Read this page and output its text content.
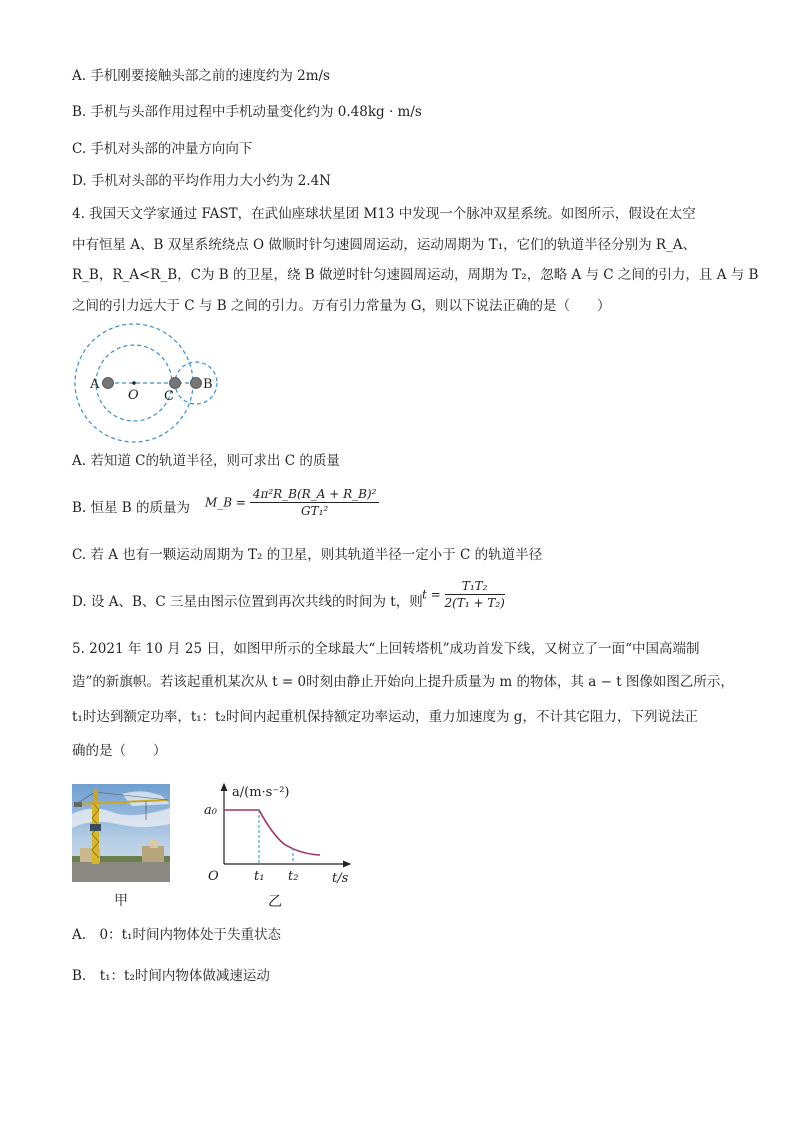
A. 手机刚要接触头部之前的速度约为 2m/s
B. 手机与头部作用过程中手机动量变化约为 0.48kg · m/s
C. 手机对头部的冲量方向向下
D. 手机对头部的平均作用力大小约为 2.4N
4. 我国天文学家通过 FAST，在武仙座球状星团 M13 中发现一个脉冲双星系统。如图所示，假设在太空
中有恒星 A、B 双星系统绕点 O 做顺时针匀速圆周运动，运动周期为 T₁，它们的轨道半径分别为 R_A、
R_B，R_A<R_B，C为 B 的卫星，绕 B 做逆时针匀速圆周运动，周期为 T₂，忽略 A 与 C 之间的引力，且 A 与 B
之间的引力远大于 C 与 B 之间的引力。万有引力常量为 G，则以下说法正确的是（　　）
A
O C
B
A. 若知道 C的轨道半径，则可求出 C 的质量
B. 恒星 B 的质量为 M_B = $\frac{\text{4π²R\_B(R\_A + R\_B)²}}{\text{GT₁²}}$
C. 若 A 也有一颗运动周期为 T₂ 的卫星，则其轨道半径一定小于 C 的轨道半径
D. 设 A、B、C 三星由图示位置到再次共线的时间为 t，则 $t = \frac{\text{T₁T₂}}{\text{2(T₁ + T₂)}}$
5. 2021 年 10 月 25 日，如图甲所示的全球最大“上回转塔机”成功首发下线，又树立了一面“中国高端制
造”的新旗帜。若该起重机某次从 t = 0时刻由静止开始向上提升质量为 m 的物体，其 a − t 图像如图乙所示，
t₁时达到额定功率，t₁：t₂时间内起重机保持额定功率运动，重力加速度为 g，不计其它阻力，下列说法正
确的是（　　）
甲
a/(m·s⁻²)
a₀
O	t₁ t₂	t/s
乙
A.　0：t₁时间内物体处于失重状态
B.　t₁：t₂时间内物体做减速运动
